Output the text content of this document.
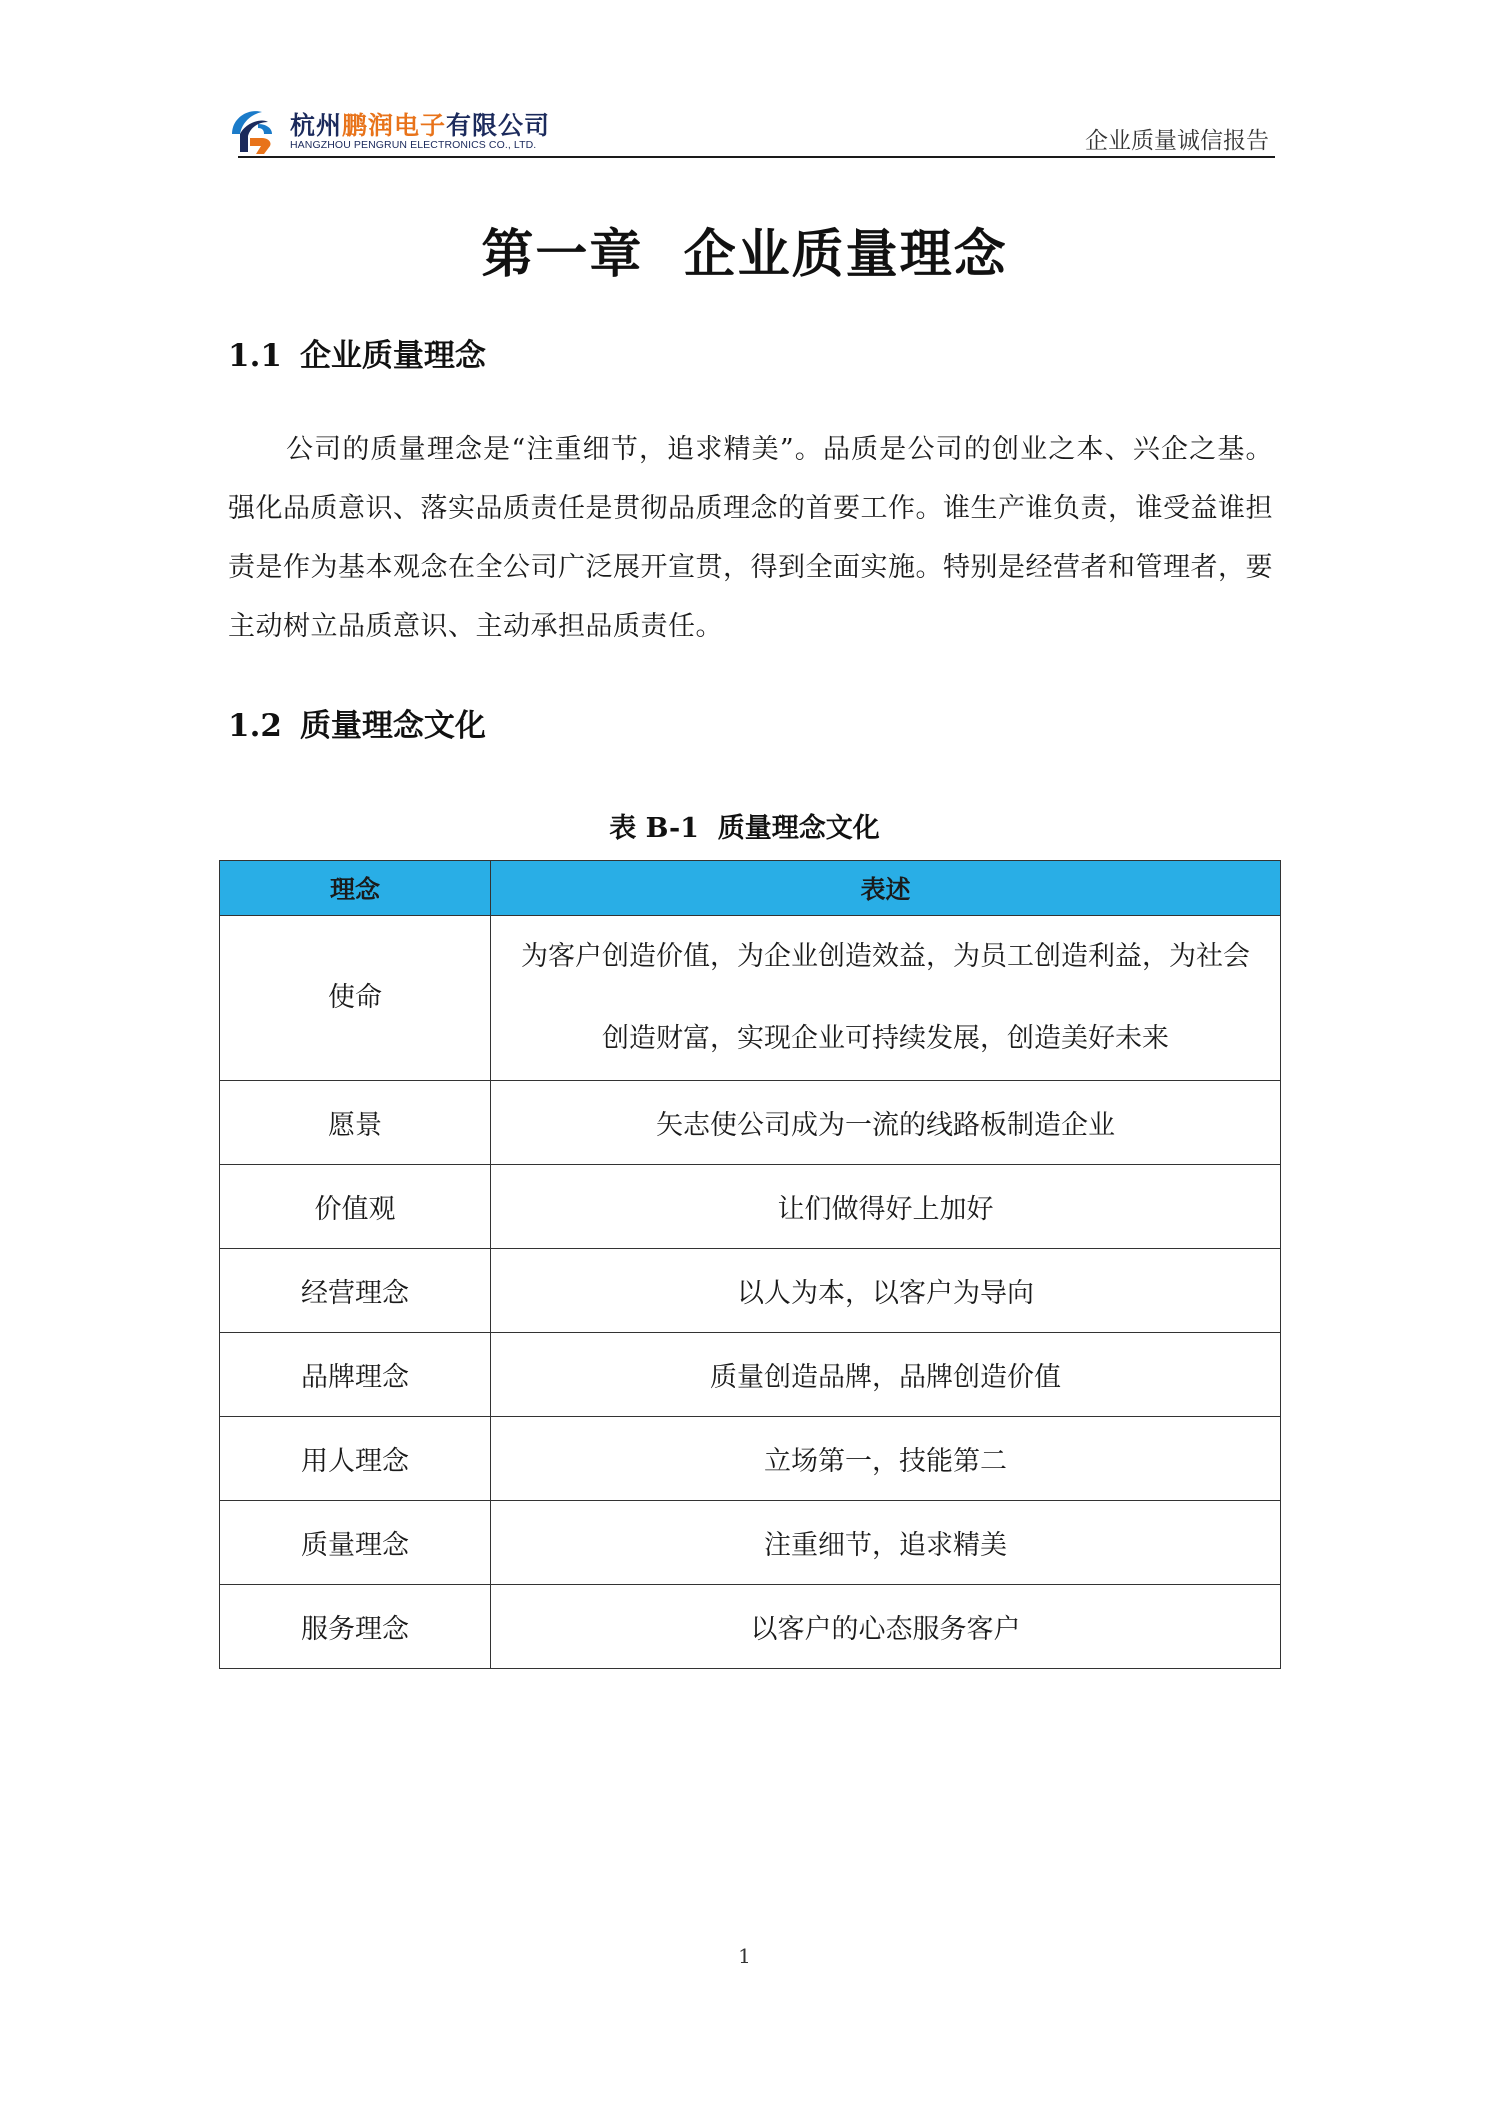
杭州鹏润电子有限公司
HANGZHOU PENGRUN ELECTRONICS CO., LTD.	企业质量诚信报告
第一章  企业质量理念
1.1 企业质量理念
公司的质量理念是“注重细节，追求精美”。品质是公司的创业之本、兴企之基。强化品质意识、落实品质责任是贯彻品质理念的首要工作。谁生产谁负责，谁受益谁担责是作为基本观念在全公司广泛展开宣贯，得到全面实施。特别是经营者和管理者，要主动树立品质意识、主动承担品质责任。
1.2 质量理念文化
表 B-1  质量理念文化
理念	表述
使命	为客户创造价值，为企业创造效益，为员工创造利益，为社会
创造财富，实现企业可持续发展，创造美好未来

愿景	矢志使公司成为一流的线路板制造企业
价值观	让们做得好上加好
经营理念	以人为本，以客户为导向
品牌理念	质量创造品牌，品牌创造价值
用人理念	立场第一，技能第二
质量理念	注重细节，追求精美
服务理念	以客户的心态服务客户
1
